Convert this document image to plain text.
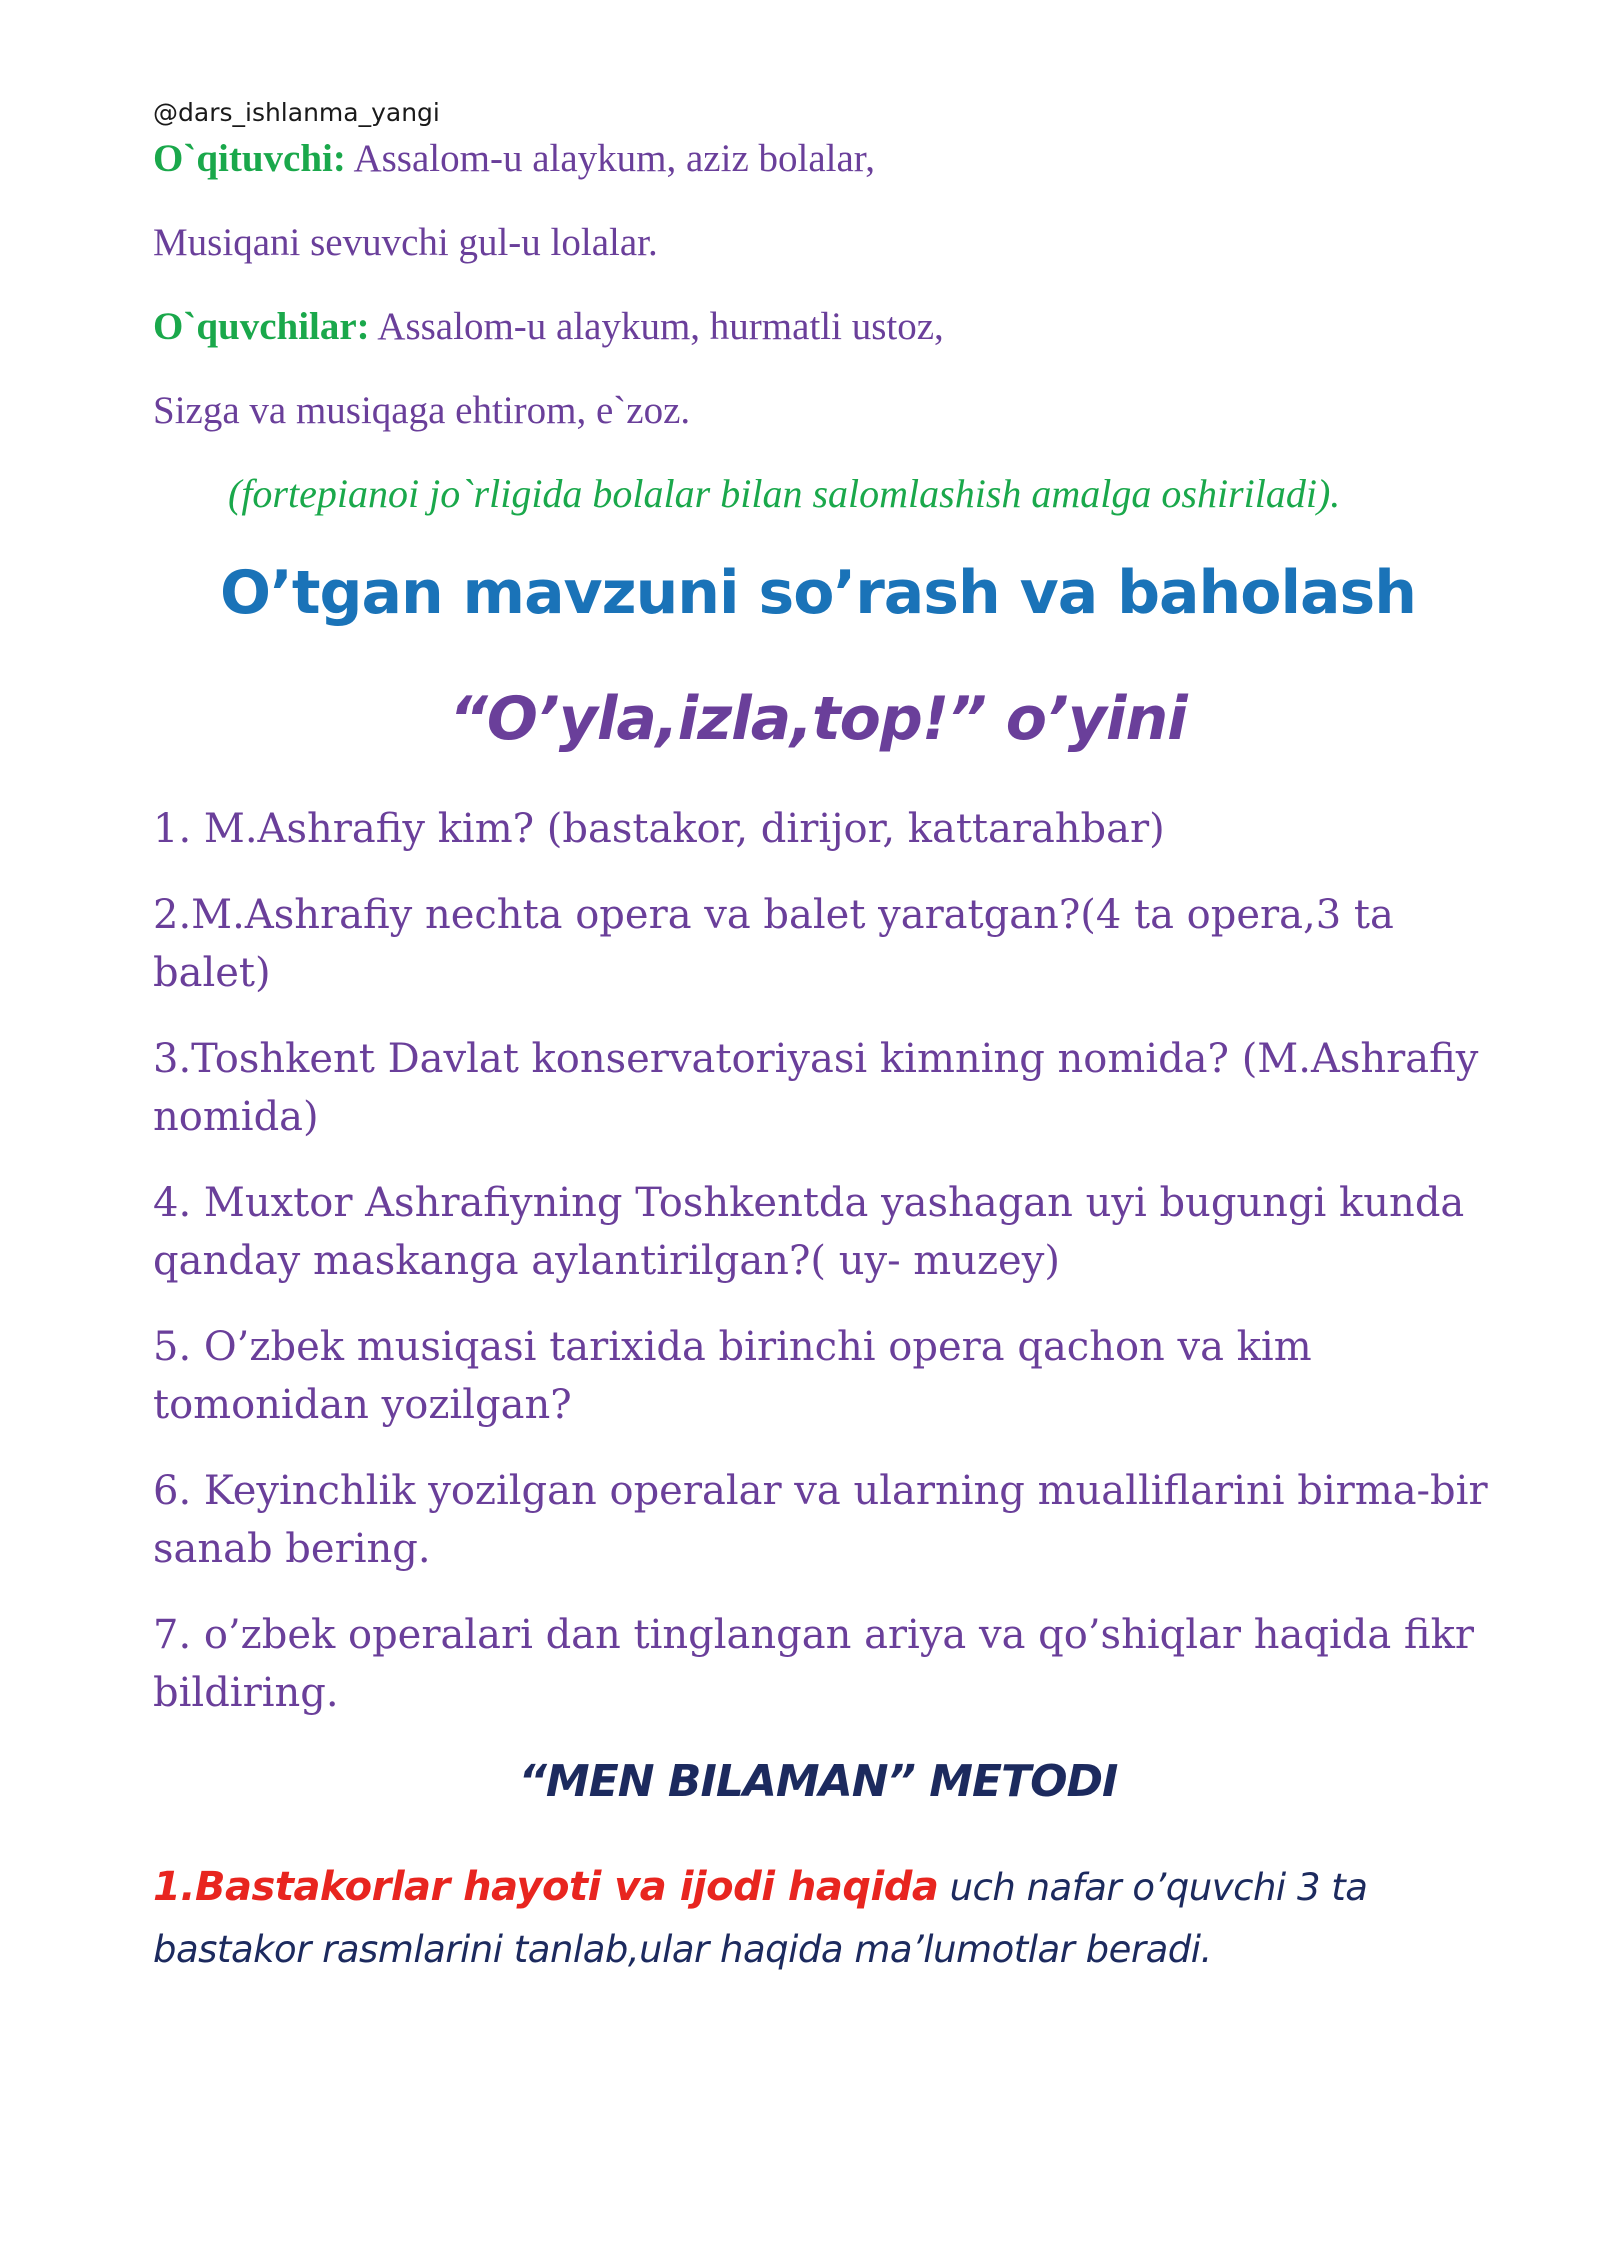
@dars_ishlanma_yangi
O`qituvchi: Assalom-u alaykum, aziz bolalar,
Musiqani sevuvchi gul-u lolalar.
O`quvchilar: Assalom-u alaykum, hurmatli ustoz,
Sizga va musiqaga ehtirom, e`zoz.
(fortepianoi jo`rligida bolalar bilan salomlashish amalga oshiriladi).
O’tgan mavzuni so’rash va baholash
“O’yla,izla,top!” o’yini

1. M.Ashrafiy kim? (bastakor, dirijor, kattarahbar)

2.M.Ashrafiy nechta opera va balet yaratgan?(4 ta opera,3 ta balet)

3.Toshkent Davlat konservatoriyasi kimning nomida? (M.Ashrafiy nomida)

4. Muxtor Ashrafiyning Toshkentda yashagan uyi bugungi kunda qanday maskanga aylantirilgan?( uy- muzey)

5. O’zbek musiqasi tarixida birinchi opera qachon va kim tomonidan yozilgan?

6. Keyinchlik yozilgan operalar va ularning mualliflarini birma-bir sanab bering.

7. o’zbek operalari dan tinglangan ariya va qo’shiqlar haqida fikr bildiring.

“MEN BILAMAN” METODI
1.Bastakorlar hayoti va ijodi haqida uch nafar o’quvchi 3 ta bastakor rasmlarini tanlab,ular haqida ma’lumotlar beradi.
